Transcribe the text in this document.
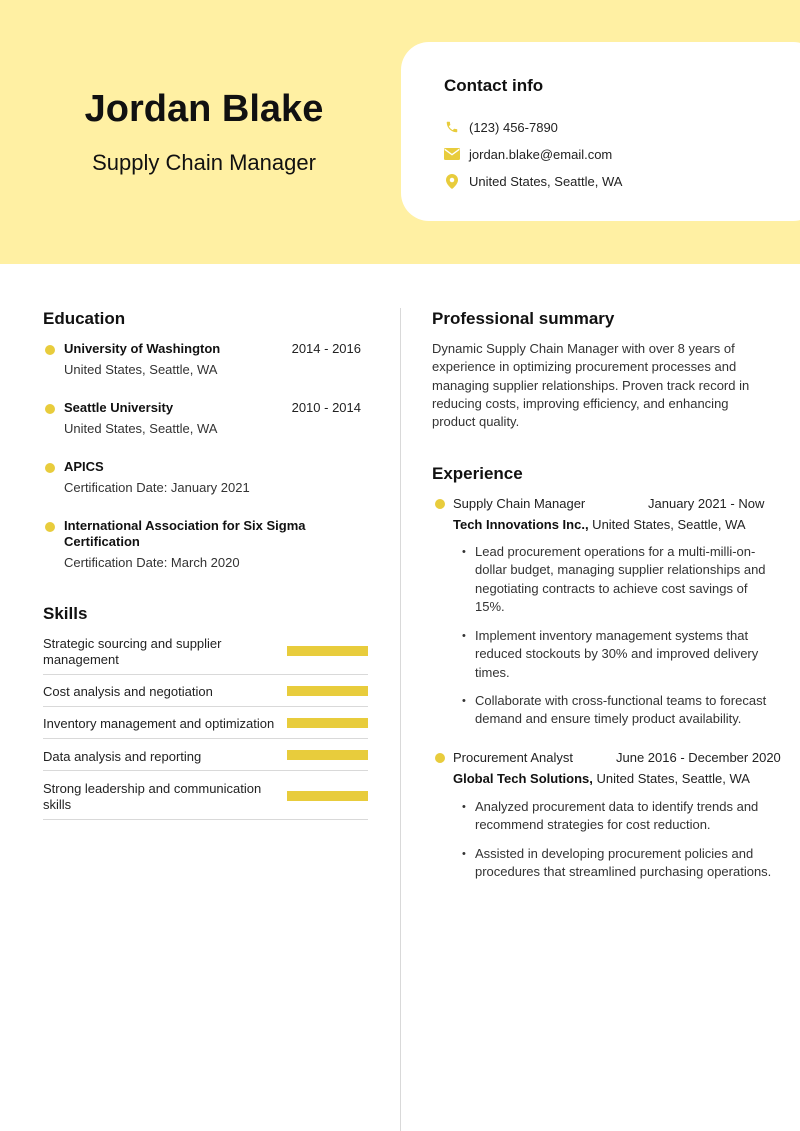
Jordan Blake
Supply Chain Manager
Contact info
(123) 456-7890
jordan.blake@email.com
United States, Seattle, WA
Education
University of Washington	2014 - 2016
United States, Seattle, WA
Seattle University	2010 - 2014
United States, Seattle, WA
APICS
Certification Date: January 2021
International Association for Six Sigma Certification
Certification Date: March 2020
Skills
Strategic sourcing and supplier management
Cost analysis and negotiation
Inventory management and optimization
Data analysis and reporting
Strong leadership and communication skills
Professional summary
Dynamic Supply Chain Manager with over 8 years of experience in optimizing procurement processes and managing supplier relationships. Proven track record in reducing costs, improving efficiency, and enhancing product quality.
Experience
Supply Chain Manager	January 2021 - Now
Tech Innovations Inc., United States, Seattle, WA
• Lead procurement operations for a multi-milli-on-dollar budget, managing supplier relationships and negotiating contracts to achieve cost savings of 15%.
• Implement inventory management systems that reduced stockouts by 30% and improved delivery times.
• Collaborate with cross-functional teams to forecast demand and ensure timely product availability.
Procurement Analyst	June 2016 - December 2020
Global Tech Solutions, United States, Seattle, WA
• Analyzed procurement data to identify trends and recommend strategies for cost reduction.
• Assisted in developing procurement policies and procedures that streamlined purchasing operations.
